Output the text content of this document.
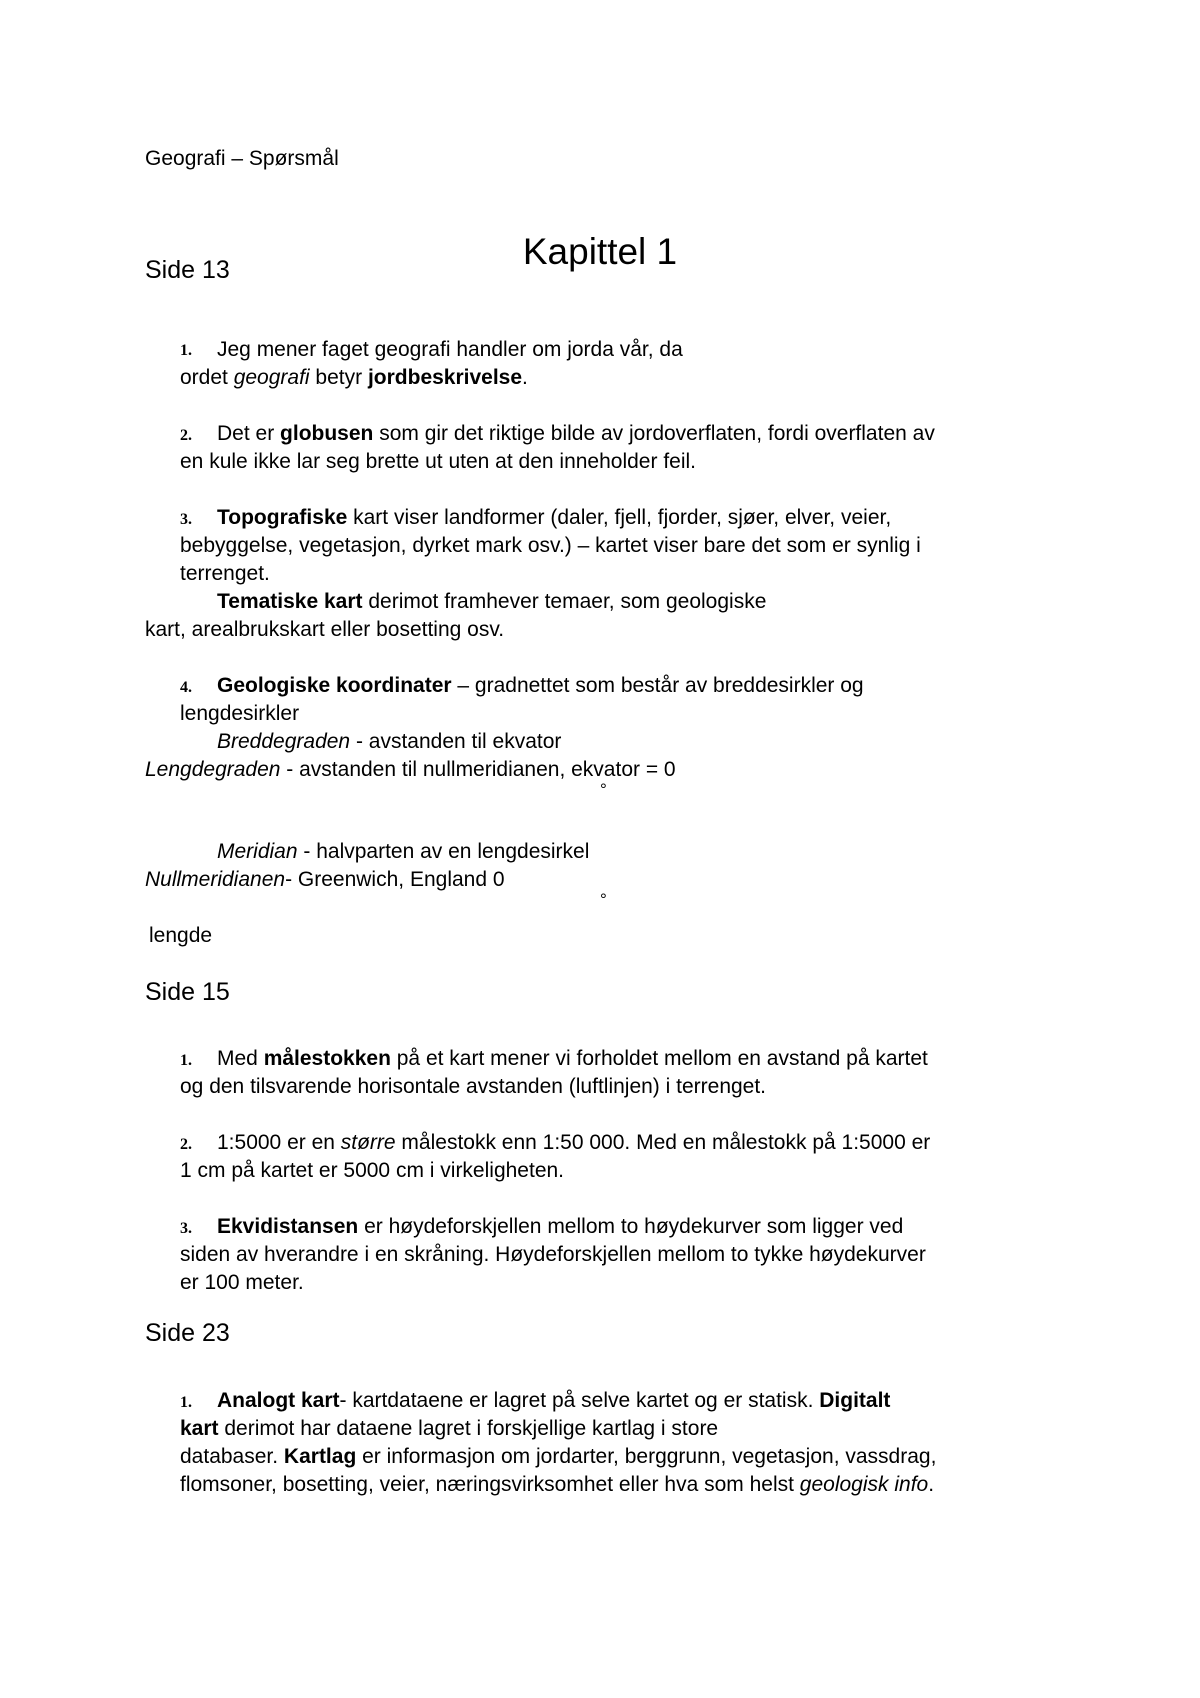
Geografi – Spørsmål
Kapittel 1
Side 13
1. Jeg mener faget geografi handler om jorda vår, da
ordet geografi betyr jordbeskrivelse.
2. Det er globusen som gir det riktige bilde av jordoverflaten, fordi overflaten av
en kule ikke lar seg brette ut uten at den inneholder feil.
3. Topografiske kart viser landformer (daler, fjell, fjorder, sjøer, elver, veier,
bebyggelse, vegetasjon, dyrket mark osv.) – kartet viser bare det som er synlig i
terrenget.
Tematiske kart derimot framhever temaer, som geologiske
kart, arealbrukskart eller bosetting osv.
4. Geologiske koordinater – gradnettet som består av breddesirkler og
lengdesirkler
Breddegraden - avstanden til ekvator
Lengdegraden - avstanden til nullmeridianen, ekvator = 0
°
Meridian - halvparten av en lengdesirkel
Nullmeridianen- Greenwich, England 0
°
lengde
Side 15
1. Med målestokken på et kart mener vi forholdet mellom en avstand på kartet
og den tilsvarende horisontale avstanden (luftlinjen) i terrenget.
2. 1:5000 er en større målestokk enn 1:50 000. Med en målestokk på 1:5000 er
1 cm på kartet er 5000 cm i virkeligheten.
3. Ekvidistansen er høydeforskjellen mellom to høydekurver som ligger ved
siden av hverandre i en skråning. Høydeforskjellen mellom to tykke høydekurver
er 100 meter.
Side 23
1. Analogt kart- kartdataene er lagret på selve kartet og er statisk. Digitalt
kart derimot har dataene lagret i forskjellige kartlag i store
databaser. Kartlag er informasjon om jordarter, berggrunn, vegetasjon, vassdrag,
flomsoner, bosetting, veier, næringsvirksomhet eller hva som helst geologisk info.
